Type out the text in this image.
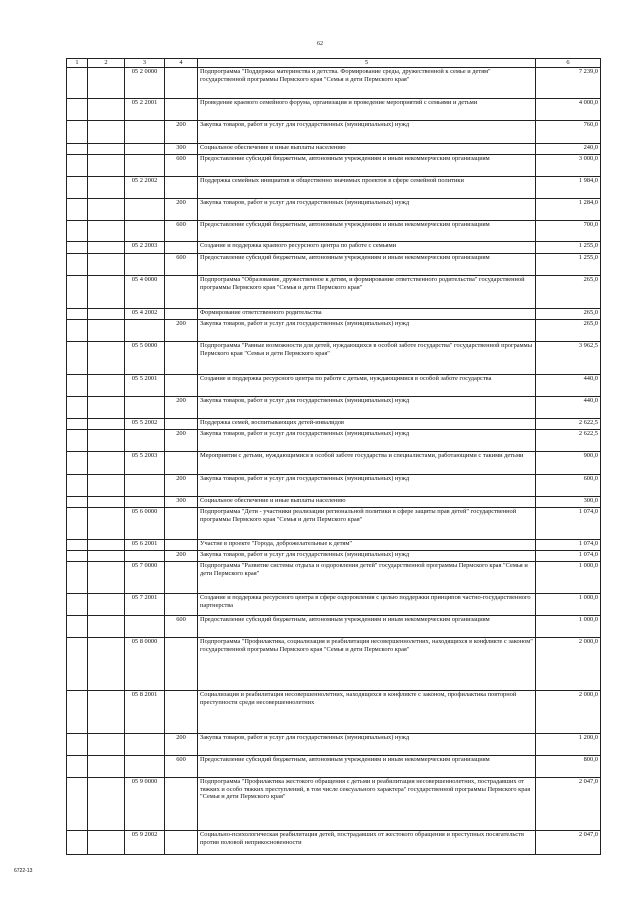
62
1	2	3	4	5	6
		05 2 0000		Подпрограмма "Поддержка материнства и детства. Формирование среды, дружественной к семье и детям" государственной программы Пермского края "Семья и дети Пермского края"	7 239,0
		05 2 2001		Проведение краевого семейного форума, организация и проведение мероприятий с семьями и детьми	4 000,0
			200	Закупка товаров, работ и услуг для государственных (муниципальных) нужд	760,0
			300	Социальное обеспечение и иные выплаты населению	240,0
			600	Предоставление субсидий бюджетным, автономным учреждениям и иным некоммерческим организациям	3 000,0
		05 2 2002		Поддержка семейных инициатив и общественно значимых проектов в сфере семейной политики	1 984,0
			200	Закупка товаров, работ и услуг для государственных (муниципальных) нужд	1 284,0
			600	Предоставление субсидий бюджетным, автономным учреждениям и иным некоммерческим организациям	700,0
		05 2 2003		Создание и поддержка краевого ресурсного центра по работе с семьями	1 255,0
			600	Предоставление субсидий бюджетным, автономным учреждениям и иным некоммерческим организациям	1 255,0
		05 4 0000		Подпрограмма "Образование, дружественное к детям, и формирование ответственного родительства" государственной программы Пермского края "Семья и дети Пермского края"	265,0
		05 4 2002		Формирование ответственного родительства	265,0
			200	Закупка товаров, работ и услуг для государственных (муниципальных) нужд	265,0
		05 5 0000		Подпрограмма "Равные возможности для детей, нуждающихся в особой заботе государства" государственной программы Пермского края "Семья и дети Пермского края"	3 962,5
		05 5 2001		Создание и поддержка ресурсного центра по работе с детьми, нуждающимися в особой заботе государства	440,0
			200	Закупка товаров, работ и услуг для государственных (муниципальных) нужд	440,0
		05 5 2002		Поддержка семей, воспитывающих детей-инвалидов	2 622,5
			200	Закупка товаров, работ и услуг для государственных (муниципальных) нужд	2 622,5
		05 5 2003		Мероприятия с детьми, нуждающимися в особой заботе государства и специалистами, работающими с такими детьми	900,0
			200	Закупка товаров, работ и услуг для государственных (муниципальных) нужд	600,0
			300	Социальное обеспечение и иные выплаты населению	300,0
		05 6 0000		Подпрограмма "Дети - участники реализации региональной политики в сфере защиты прав детей" государственной программы Пермского края "Семья и дети Пермского края"	1 074,0
		05 6 2001		Участие в проекте "Города, доброжелательные к детям"	1 074,0
			200	Закупка товаров, работ и услуг для государственных (муниципальных) нужд	1 074,0
		05 7 0000		Подпрограмма "Развитие системы отдыха и оздоровления детей" государственной программы Пермского края "Семья и дети Пермского края"	1 000,0
		05 7 2001		Создание и поддержка ресурсного центра в сфере оздоровления с целью поддержки принципов частно-государственного партнерства	1 000,0
			600	Предоставление субсидий бюджетным, автономным учреждениям и иным некоммерческим организациям	1 000,0
		05 8 0000		Подпрограмма "Профилактика, социализация и реабилитация несовершеннолетних, находящихся в конфликте с законом" государственной программы Пермского края "Семья и дети Пермского края"	2 000,0
		05 8 2001		Социализация и реабилитация несовершеннолетних, находящихся в конфликте с законом, профилактика повторной преступности среди несовершеннолетних	2 000,0
			200	Закупка товаров, работ и услуг для государственных (муниципальных) нужд	1 200,0
			600	Предоставление субсидий бюджетным, автономным учреждениям и иным некоммерческим организациям	800,0
		05 9 0000		Подпрограмма "Профилактика жестокого обращения с детьми и реабилитация несовершеннолетних, пострадавших от тяжких и особо тяжких преступлений, в том числе сексуального характера" государственной программы Пермского края "Семья и дети Пермского края"	2 047,0
		05 9 2002		Социально-психологическая реабилитация детей, пострадавших от жестокого обращения и преступных посягательств против половой неприкосновенности	2 047,0
6722-13
